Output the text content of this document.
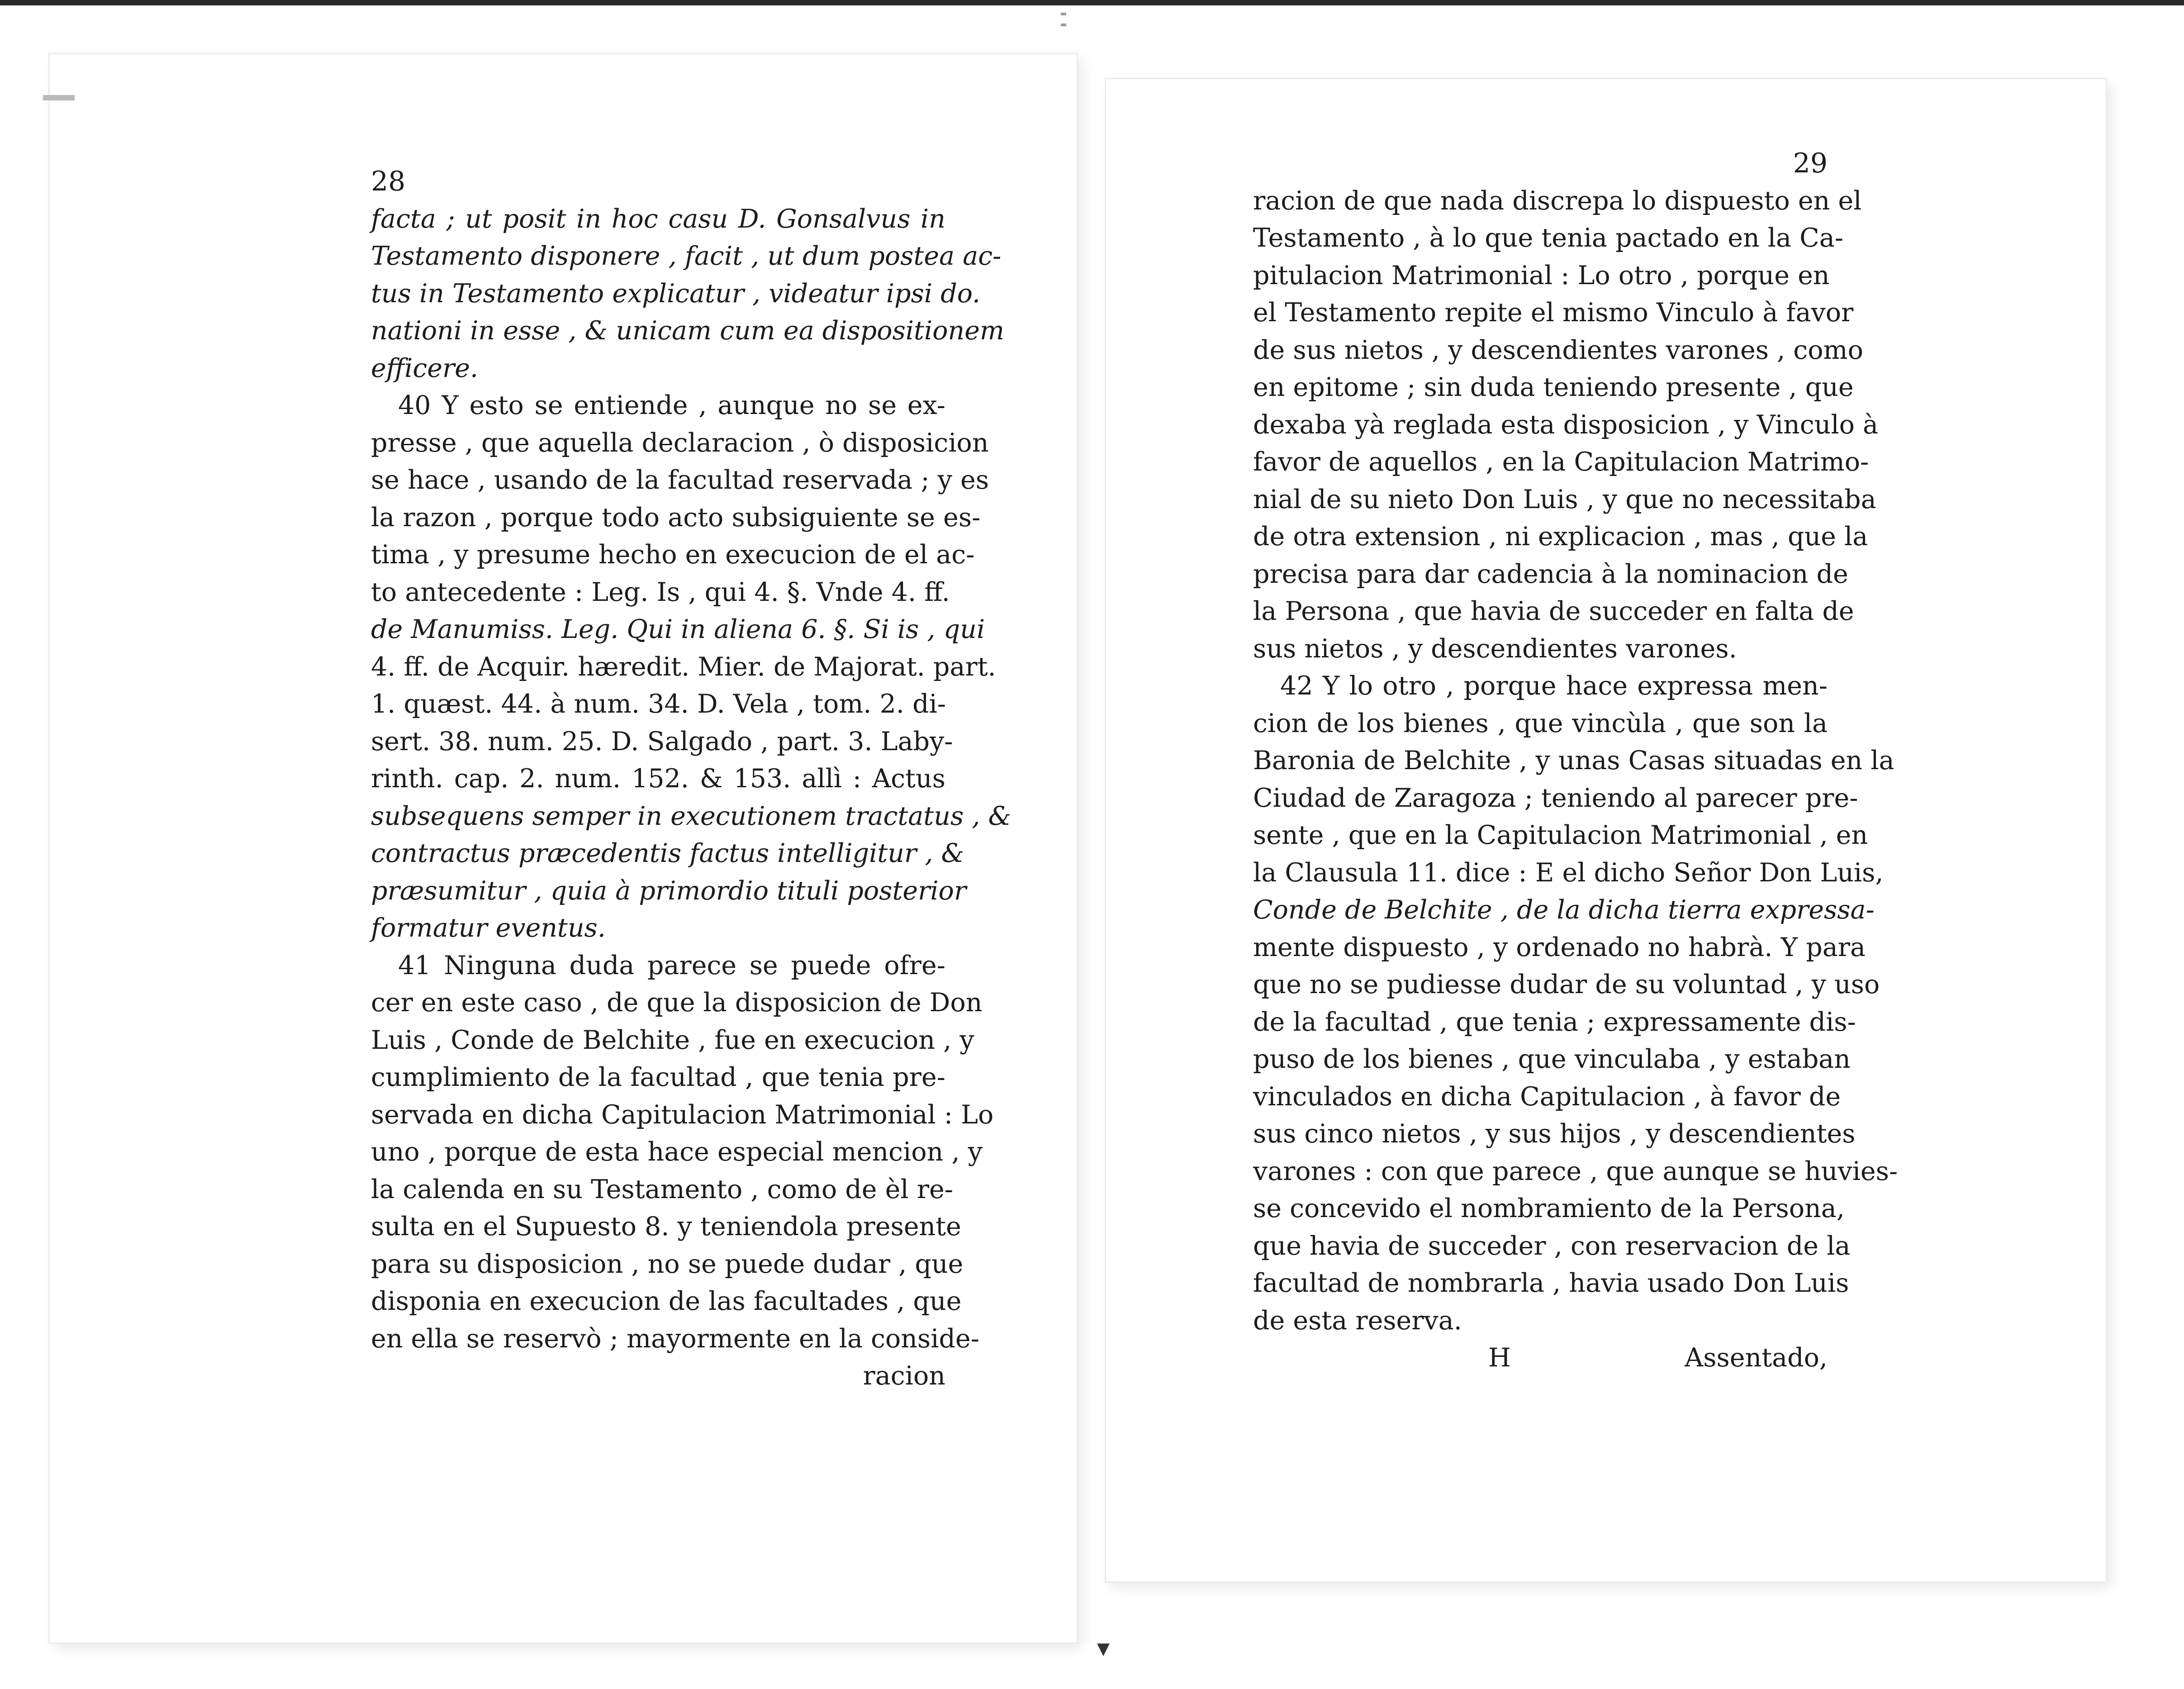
28
facta ; ut posit in hoc casu D. Gonsalvus in
Testamento disponere , facit , ut dum postea ac-
tus in Testamento explicatur , videatur ipsi do.
nationi in esse , & unicam cum ea dispositionem
efficere.
40 Y esto se entiende , aunque no se ex-
presse , que aquella declaracion , ò disposicion
se hace , usando de la facultad reservada ; y es
la razon , porque todo acto subsiguiente se es-
tima , y presume hecho en execucion de el ac-
to antecedente : Leg. Is , qui 4. §. Vnde 4. ff.
de Manumiss. Leg. Qui in aliena 6. §. Si is , qui
4. ff. de Acquir. hæredit. Mier. de Majorat. part.
1. quæst. 44. à num. 34. D. Vela , tom. 2. di-
sert. 38. num. 25. D. Salgado , part. 3. Laby-
rinth. cap. 2. num. 152. & 153. allì : Actus
subsequens semper in executionem tractatus , &
contractus præcedentis factus intelligitur , &
præsumitur , quia à primordio tituli posterior
formatur eventus.
41 Ninguna duda parece se puede ofre-
cer en este caso , de que la disposicion de Don
Luis , Conde de Belchite , fue en execucion , y
cumplimiento de la facultad , que tenia pre-
servada en dicha Capitulacion Matrimonial : Lo
uno , porque de esta hace especial mencion , y
la calenda en su Testamento , como de èl re-
sulta en el Supuesto 8. y teniendola presente
para su disposicion , no se puede dudar , que
disponia en execucion de las facultades , que
en ella se reservò ; mayormente en la conside-
racion
29
racion de que nada discrepa lo dispuesto en el
Testamento , à lo que tenia pactado en la Ca-
pitulacion Matrimonial : Lo otro , porque en
el Testamento repite el mismo Vinculo à favor
de sus nietos , y descendientes varones , como
en epitome ; sin duda teniendo presente , que
dexaba yà reglada esta disposicion , y Vinculo à
favor de aquellos , en la Capitulacion Matrimo-
nial de su nieto Don Luis , y que no necessitaba
de otra extension , ni explicacion , mas , que la
precisa para dar cadencia à la nominacion de
la Persona , que havia de succeder en falta de
sus nietos , y descendientes varones.
42 Y lo otro , porque hace expressa men-
cion de los bienes , que vincùla , que son la
Baronia de Belchite , y unas Casas situadas en la
Ciudad de Zaragoza ; teniendo al parecer pre-
sente , que en la Capitulacion Matrimonial , en
la Clausula 11. dice : E el dicho Señor Don Luis,
Conde de Belchite , de la dicha tierra expressa-
mente dispuesto , y ordenado no habrà. Y para
que no se pudiesse dudar de su voluntad , y uso
de la facultad , que tenia ; expressamente dis-
puso de los bienes , que vinculaba , y estaban
vinculados en dicha Capitulacion , à favor de
sus cinco nietos , y sus hijos , y descendientes
varones : con que parece , que aunque se huvies-
se concevido el nombramiento de la Persona,
que havia de succeder , con reservacion de la
facultad de nombrarla , havia usado Don Luis
de esta reserva.
H	Assentado,
▾
